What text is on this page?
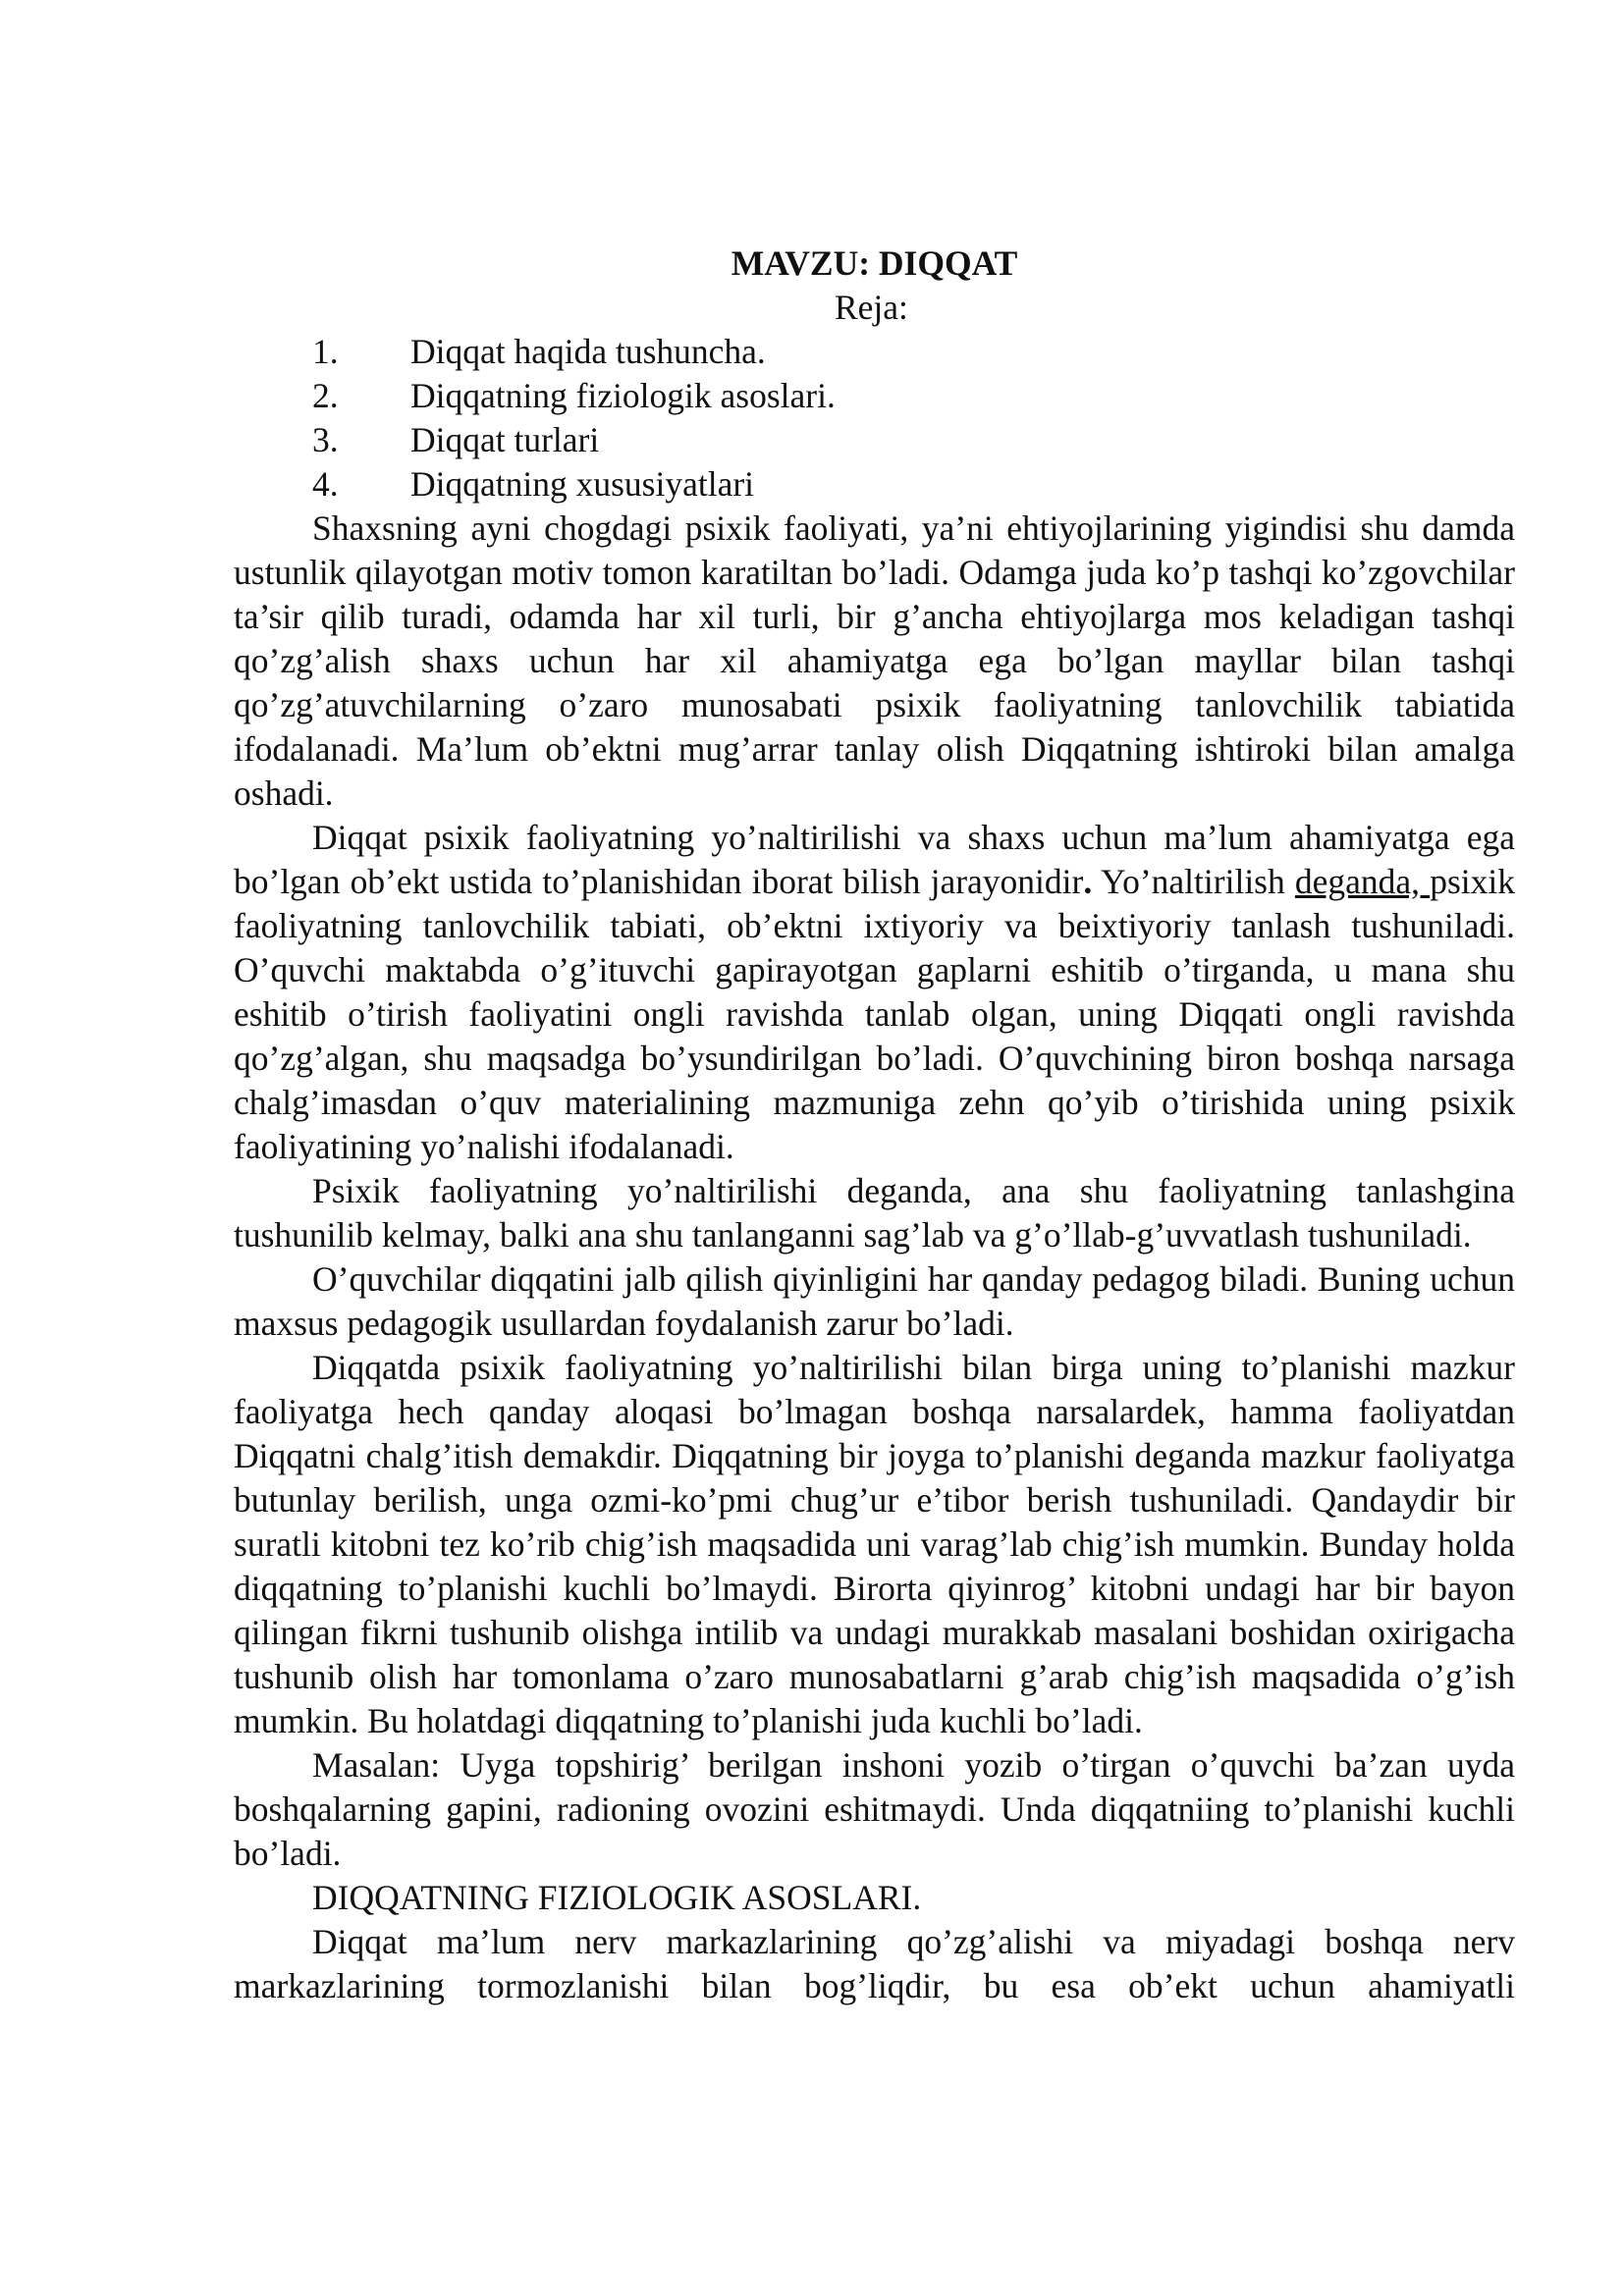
MAVZU: DIQQAT

Reja:

1. Diqqat haqida tushuncha.
2. Diqqatning fiziologik asoslari.
3. Diqqat turlari
4. Diqqatning xususiyatlari

Shaxsning ayni chogdagi psixik faoliyati, ya’ni ehtiyojlarining yigindisi shu damda ustunlik qilayotgan motiv tomon karatiltan bo’ladi. Odamga juda ko’p tashqi ko’zgovchilar ta’sir qilib turadi, odamda har xil turli, bir g’ancha ehtiyojlarga mos keladigan tashqi qo’zg’alish shaxs uchun har xil ahamiyatga ega bo’lgan mayllar bilan tashqi qo’zg’atuvchilarning o’zaro munosabati psixik faoliyatning tanlovchilik tabiatida ifodalanadi. Ma’lum ob’ektni mug’arrar tanlay olish Diqqatning ishtiroki bilan amalga oshadi.

Diqqat psixik faoliyatning yo’naltirilishi va shaxs uchun ma’lum ahamiyatga ega bo’lgan ob’ekt ustida to’planishidan iborat bilish jarayonidir. Yo’naltirilish deganda, psixik faoliyatning tanlovchilik tabiati, ob’ektni ixtiyoriy va beixtiyoriy tanlash tushuniladi. O’quvchi maktabda o’g’ituvchi gapirayotgan gaplarni eshitib o’tirganda, u mana shu eshitib o’tirish faoliyatini ongli ravishda tanlab olgan, uning Diqqati ongli ravishda qo’zg’algan, shu maqsadga bo’ysundirilgan bo’ladi. O’quvchining biron boshqa narsaga chalg’imasdan o’quv materialining mazmuniga zehn qo’yib o’tirishida uning psixik faoliyatining yo’nalishi ifodalanadi.

Psixik faoliyatning yo’naltirilishi deganda, ana shu faoliyatning tanlashgina tushunilib kelmay, balki ana shu tanlanganni sag’lab va g’o’llab-g’uvvatlash tushuniladi.

O’quvchilar diqqatini jalb qilish qiyinligini har qanday pedagog biladi. Buning uchun maxsus pedagogik usullardan foydalanish zarur bo’ladi.

Diqqatda psixik faoliyatning yo’naltirilishi bilan birga uning to’planishi mazkur faoliyatga hech qanday aloqasi bo’lmagan boshqa narsalardek, hamma faoliyatdan Diqqatni chalg’itish demakdir. Diqqatning bir joyga to’planishi deganda mazkur faoliyatga butunlay berilish, unga ozmi-ko’pmi chug’ur e’tibor berish tushuniladi. Qandaydir bir suratli kitobni tez ko’rib chig’ish maqsadida uni varag’lab chig’ish mumkin. Bunday holda diqqatning to’planishi kuchli bo’lmaydi. Birorta qiyinrog’ kitobni undagi har bir bayon qilingan fikrni tushunib olishga intilib va undagi murakkab masalani boshidan oxirigacha tushunib olish har tomonlama o’zaro munosabatlarni g’arab chig’ish maqsadida o’g’ish mumkin. Bu holatdagi diqqatning to’planishi juda kuchli bo’ladi.

Masalan: Uyga topshirig’ berilgan inshoni yozib o’tirgan o’quvchi ba’zan uyda boshqalarning gapini, radioning ovozini eshitmaydi. Unda diqqatniing to’planishi kuchli bo’ladi.

DIQQATNING FIZIOLOGIK ASOSLARI.

Diqqat ma’lum nerv markazlarining qo’zg’alishi va miyadagi boshqa nerv markazlarining tormozlanishi bilan bog’liqdir, bu esa ob’ekt uchun ahamiyatli
